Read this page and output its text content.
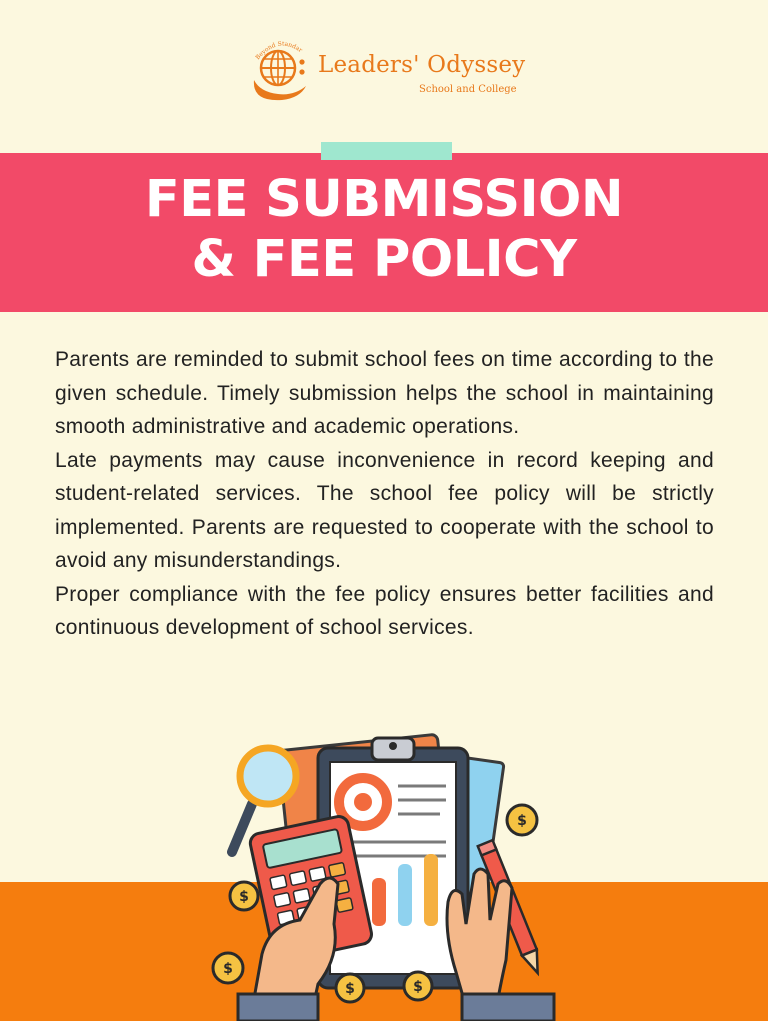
Beyond Standar
Leaders' Odyssey
School and College
FEE SUBMISSION
& FEE POLICY

Parents are reminded to submit school fees on time according to the given schedule. Timely submission helps the school in maintaining smooth administrative and academic operations.

Late payments may cause inconvenience in record keeping and student-related services. The school fee policy will be strictly implemented. Parents are requested to cooperate with the school to avoid any misunderstandings.

Proper compliance with the fee policy ensures better facilities and continuous development of school services.

$
$
$
$	$
